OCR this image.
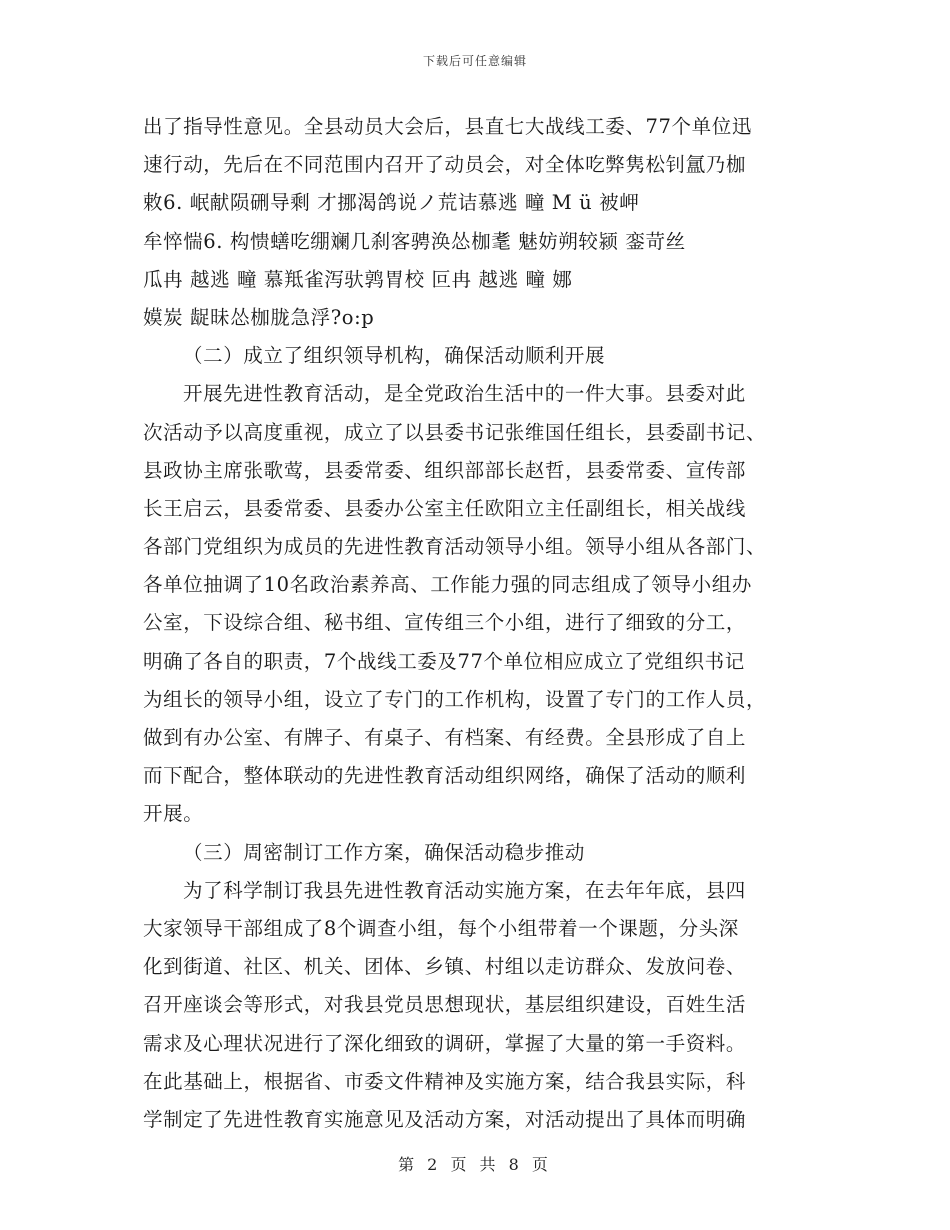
下载后可任意编辑
出了指导性意见。全县动员大会后，县直七大战线工委、77个单位迅
速行动，先后在不同范围内召开了动员会，对全体吃弊隽松钊氲乃枷
敕6. 岷献陨硎导剩 才挪渴鸽说ノ荒诘慕逃 疃 M ü 被岬
牟悴惴6. 构愦蟮吃绷斓几刹客骋涣怂枷耄 魅妨朔较颍 銮苛丝
瓜冉 越逃 疃 慕羝雀泻驮鹑胃校 叵冉 越逃 疃 娜
嫫炭 龊昧怂枷胧急浮?o:p
（二）成立了组织领导机构，确保活动顺利开展
开展先进性教育活动，是全党政治生活中的一件大事。县委对此
次活动予以高度重视，成立了以县委书记张维国任组长，县委副书记、
县政协主席张歌莺，县委常委、组织部部长赵哲，县委常委、宣传部
长王启云，县委常委、县委办公室主任欧阳立主任副组长，相关战线
各部门党组织为成员的先进性教育活动领导小组。领导小组从各部门、
各单位抽调了10名政治素养高、工作能力强的同志组成了领导小组办
公室，下设综合组、秘书组、宣传组三个小组，进行了细致的分工，
明确了各自的职责，7个战线工委及77个单位相应成立了党组织书记
为组长的领导小组，设立了专门的工作机构，设置了专门的工作人员，
做到有办公室、有牌子、有桌子、有档案、有经费。全县形成了自上
而下配合，整体联动的先进性教育活动组织网络，确保了活动的顺利
开展。
（三）周密制订工作方案，确保活动稳步推动
为了科学制订我县先进性教育活动实施方案，在去年年底，县四
大家领导干部组成了8个调查小组，每个小组带着一个课题，分头深
化到街道、社区、机关、团体、乡镇、村组以走访群众、发放问卷、
召开座谈会等形式，对我县党员思想现状，基层组织建设，百姓生活
需求及心理状况进行了深化细致的调研，掌握了大量的第一手资料。
在此基础上，根据省、市委文件精神及实施方案，结合我县实际，科
学制定了先进性教育实施意见及活动方案，对活动提出了具体而明确
第 2 页 共 8 页
